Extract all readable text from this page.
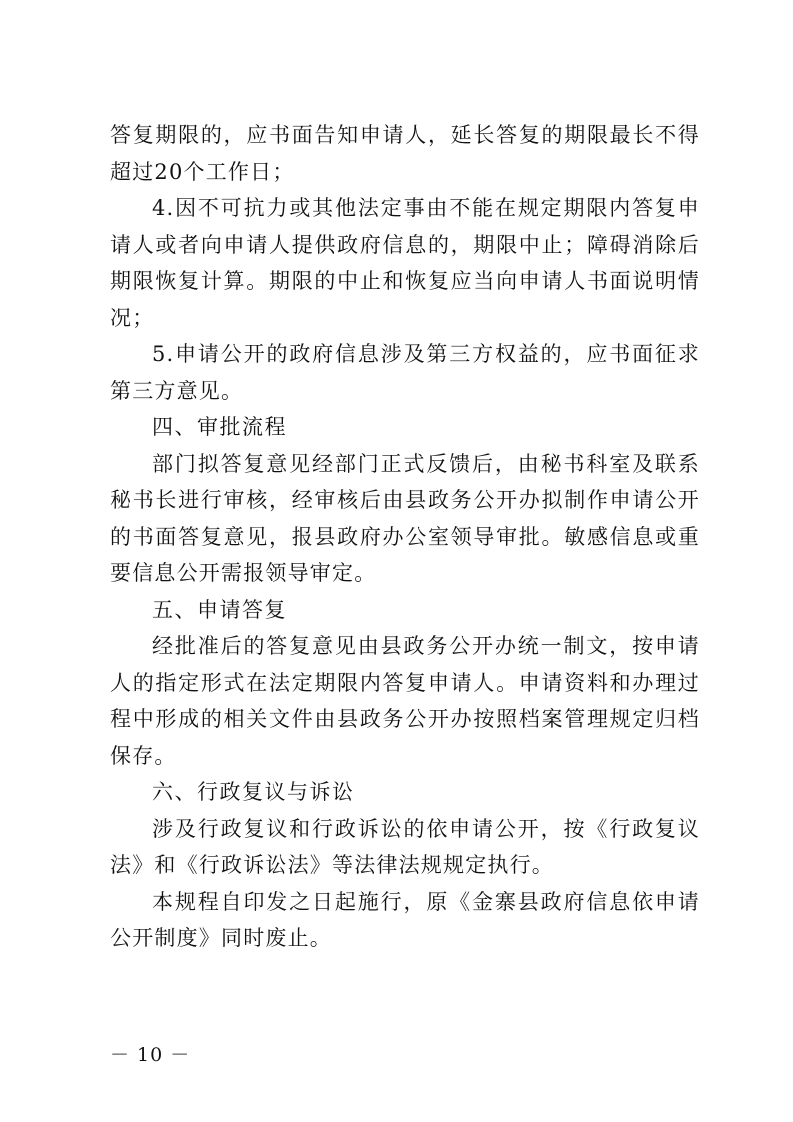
答复期限的，应书面告知申请人，延长答复的期限最长不得超过20个工作日；

4.因不可抗力或其他法定事由不能在规定期限内答复申请人或者向申请人提供政府信息的，期限中止；障碍消除后期限恢复计算。期限的中止和恢复应当向申请人书面说明情况；

5.申请公开的政府信息涉及第三方权益的，应书面征求第三方意见。

四、审批流程

部门拟答复意见经部门正式反馈后，由秘书科室及联系秘书长进行审核，经审核后由县政务公开办拟制作申请公开的书面答复意见，报县政府办公室领导审批。敏感信息或重要信息公开需报领导审定。

五、申请答复

经批准后的答复意见由县政务公开办统一制文，按申请人的指定形式在法定期限内答复申请人。申请资料和办理过程中形成的相关文件由县政务公开办按照档案管理规定归档保存。

六、行政复议与诉讼

涉及行政复议和行政诉讼的依申请公开，按《行政复议法》和《行政诉讼法》等法律法规规定执行。

本规程自印发之日起施行，原《金寨县政府信息依申请公开制度》同时废止。

－ 10 －
